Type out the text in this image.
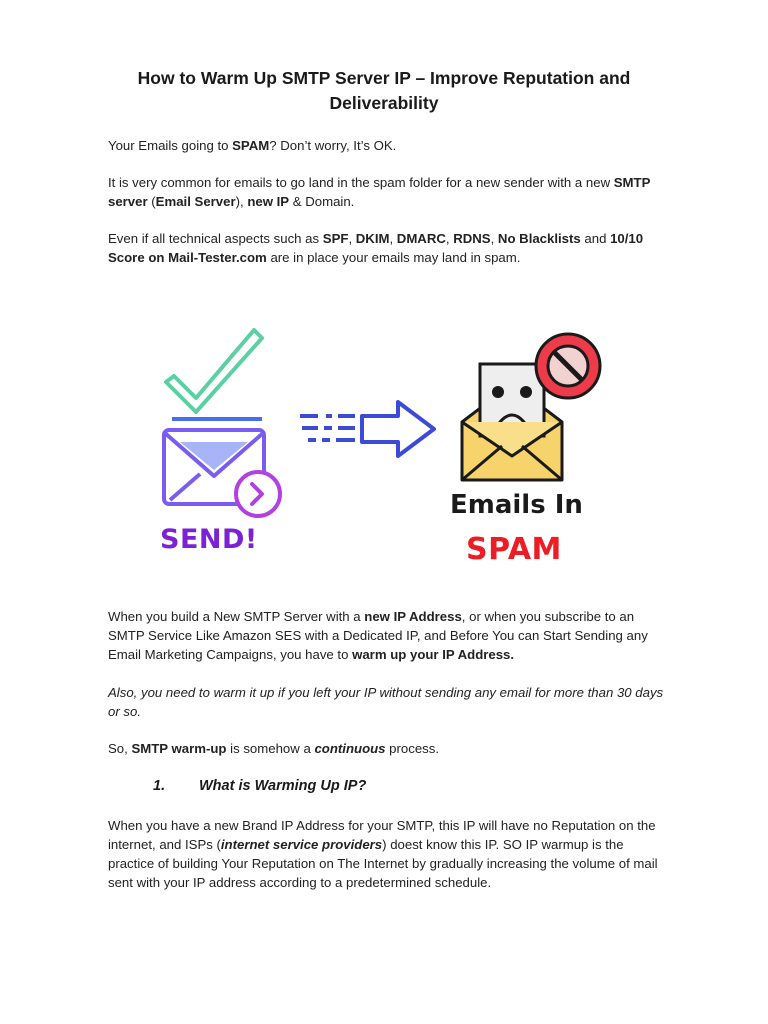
How to Warm Up SMTP Server IP – Improve Reputation and Deliverability
Your Emails going to SPAM? Don’t worry, It’s OK.
It is very common for emails to go land in the spam folder for a new sender with a new SMTP server (Email Server), new IP & Domain.
Even if all technical aspects such as SPF, DKIM, DMARC, RDNS, No Blacklists and 10/10 Score on Mail-Tester.com are in place your emails may land in spam.
SEND!
Emails In
SPAM
When you build a New SMTP Server with a new IP Address, or when you subscribe to an SMTP Service Like Amazon SES with a Dedicated IP, and Before You can Start Sending any Email Marketing Campaigns, you have to warm up your IP Address.
Also, you need to warm it up if you left your IP without sending any email for more than 30 days or so.
So, SMTP warm-up is somehow a continuous process.
1. What is Warming Up IP?
When you have a new Brand IP Address for your SMTP, this IP will have no Reputation on the internet, and ISPs (internet service providers) doest know this IP. SO IP warmup is the practice of building Your Reputation on The Internet by gradually increasing the volume of mail sent with your IP address according to a predetermined schedule.
